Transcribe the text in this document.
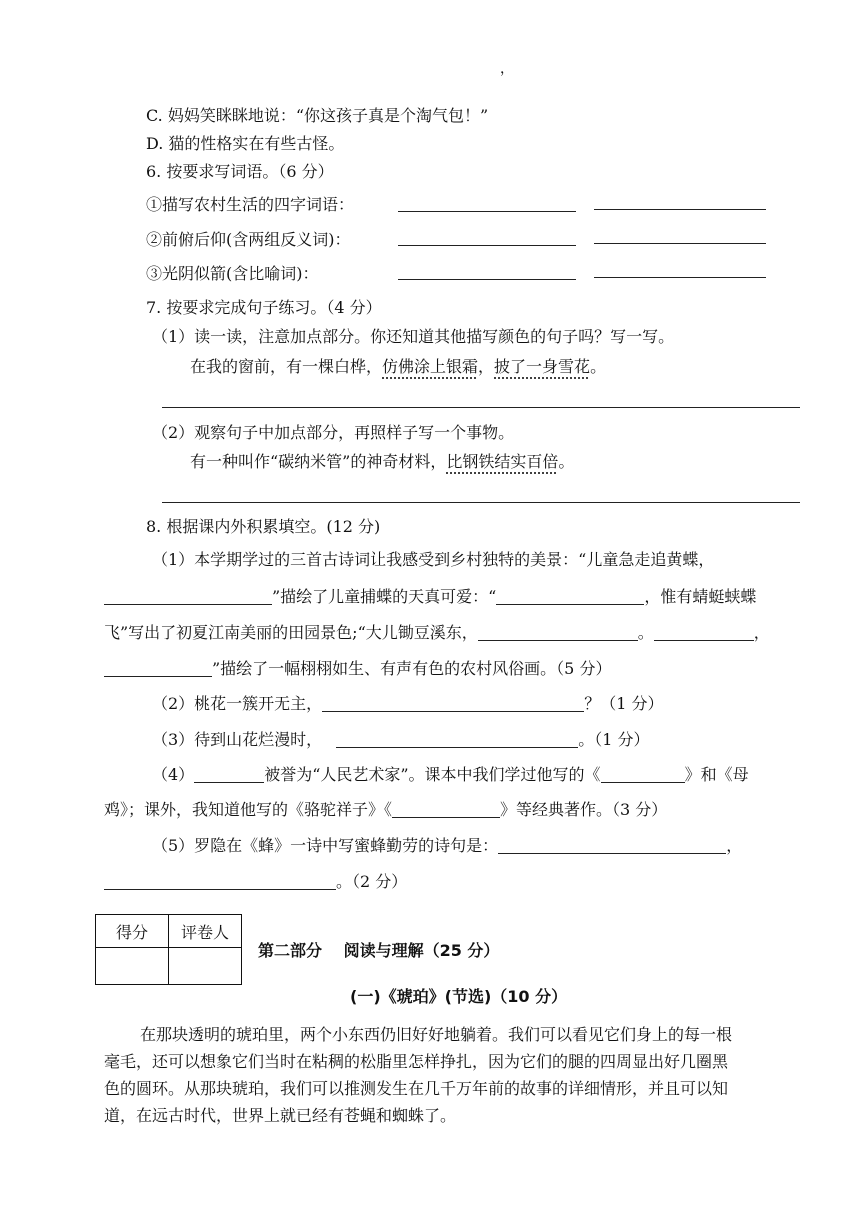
，
C. 妈妈笑眯眯地说：“你这孩子真是个淘气包！”
D. 猫的性格实在有些古怪。
6. 按要求写词语。（6 分）
①描写农村生活的四字词语：
②前俯后仰(含两组反义词)：
③光阴似箭(含比喻词)：
7. 按要求完成句子练习。（4 分）
（1）读一读，注意加点部分。你还知道其他描写颜色的句子吗？写一写。
在我的窗前，有一棵白桦，仿佛涂上银霜，披了一身雪花。
（2）观察句子中加点部分，再照样子写一个事物。
有一种叫作“碳纳米管”的神奇材料，比钢铁结实百倍。
8. 根据课内外积累填空。(12 分)
（1）本学期学过的三首古诗词让我感受到乡村独特的美景：“儿童急走追黄蝶，
”描绘了儿童捕蝶的天真可爱：“	，惟有蜻蜓蛱蝶
飞”写出了初夏江南美丽的田园景色;“大儿锄豆溪东，	。	，
”描绘了一幅栩栩如生、有声有色的农村风俗画。（5 分）
（2）桃花一簇开无主，	？（1 分）
（3）待到山花烂漫时，	。（1 分）
（4）	被誉为“人民艺术家”。课本中我们学过他写的《	》和《母
鸡》；课外，我知道他写的《骆驼祥子》《	》等经典著作。（3 分）
（5）罗隐在《蜂》一诗中写蜜蜂勤劳的诗句是：	，
。（2 分）
得分	评卷人

第二部分　 阅读与理解（25 分）
(一)《琥珀》(节选)（10 分）
在那块透明的琥珀里，两个小东西仍旧好好地躺着。我们可以看见它们身上的每一根
毫毛，还可以想象它们当时在粘稠的松脂里怎样挣扎，因为它们的腿的四周显出好几圈黑
色的圆环。从那块琥珀，我们可以推测发生在几千万年前的故事的详细情形，并且可以知
道，在远古时代，世界上就已经有苍蝇和蜘蛛了。
